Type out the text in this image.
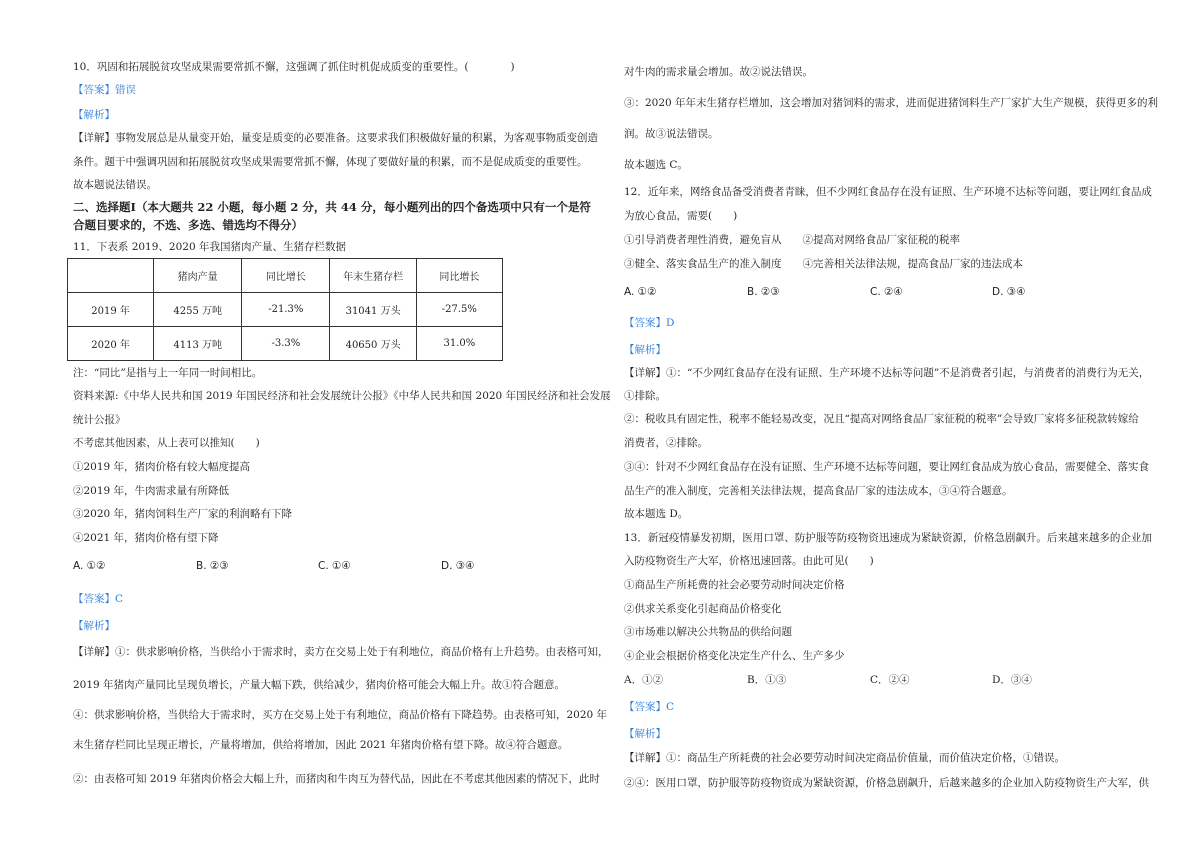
10．巩固和拓展脱贫攻坚成果需要常抓不懈，这强调了抓住时机促成质变的重要性。(　　　　)
【答案】错误
【解析】
【详解】事物发展总是从量变开始，量变是质变的必要准备。这要求我们积极做好量的积累，为客观事物质变创造
条件。题干中强调巩固和拓展脱贫攻坚成果需要常抓不懈，体现了要做好量的积累，而不是促成质变的重要性。
故本题说法错误。
二、选择题Ⅰ（本大题共 22 小题，每小题 2 分，共 44 分，每小题列出的四个备选项中只有一个是符
合题目要求的，不选、多选、错选均不得分）
11．下表系 2019、2020 年我国猪肉产量、生猪存栏数据
	猪肉产量	同比增长	年末生猪存栏	同比增长
2019 年	4255 万吨	-21.3%	31041 万头	-27.5%
2020 年	4113 万吨	-3.3%	40650 万头	31.0%
注：“同比”是指与上一年同一时间相比。
资料来源:《中华人民共和国 2019 年国民经济和社会发展统计公报》《中华人民共和国 2020 年国民经济和社会发展
统计公报》
不考虑其他因素，从上表可以推知(　　)
①2019 年，猪肉价格有较大幅度提高
②2019 年，牛肉需求量有所降低
③2020 年，猪肉饲料生产厂家的利润略有下降
④2021 年，猪肉价格有望下降
A. ①②	B. ②③	C. ①④	D. ③④
【答案】C
【解析】
【详解】①：供求影响价格，当供给小于需求时，卖方在交易上处于有利地位，商品价格有上升趋势。由表格可知，
2019 年猪肉产量同比呈现负增长，产量大幅下跌，供给减少，猪肉价格可能会大幅上升。故①符合题意。
④：供求影响价格，当供给大于需求时，买方在交易上处于有利地位，商品价格有下降趋势。由表格可知，2020 年
末生猪存栏同比呈现正增长，产量将增加，供给将增加，因此 2021 年猪肉价格有望下降。故④符合题意。
②：由表格可知 2019 年猪肉价格会大幅上升，而猪肉和牛肉互为替代品，因此在不考虑其他因素的情况下，此时
对牛肉的需求量会增加。故②说法错误。
③：2020 年年末生猪存栏增加，这会增加对猪饲料的需求，进而促进猪饲料生产厂家扩大生产规模，获得更多的利
润。故③说法错误。
故本题选 C。
12．近年来，网络食品备受消费者青睐，但不少网红食品存在没有证照、生产环境不达标等问题，要让网红食品成
为放心食品，需要(　　)
①引导消费者理性消费，避免盲从　　②提高对网络食品厂家征税的税率
③健全、落实食品生产的准入制度　　④完善相关法律法规，提高食品厂家的违法成本
A. ①②	B. ②③	C. ②④	D. ③④
【答案】D
【解析】
【详解】①：“不少网红食品存在没有证照、生产环境不达标等问题”不是消费者引起，与消费者的消费行为无关，
①排除。
②：税收具有固定性，税率不能轻易改变，况且“提高对网络食品厂家征税的税率”会导致厂家将多征税款转嫁给
消费者，②排除。
③④：针对不少网红食品存在没有证照、生产环境不达标等问题，要让网红食品成为放心食品，需要健全、落实食
品生产的准入制度，完善相关法律法规，提高食品厂家的违法成本，③④符合题意。
故本题选 D。
13．新冠疫情暴发初期，医用口罩、防护服等防疫物资迅速成为紧缺资源，价格急剧飙升。后来越来越多的企业加
入防疫物资生产大军，价格迅速回落。由此可见(　　)
①商品生产所耗费的社会必要劳动时间决定价格
②供求关系变化引起商品价格变化
③市场难以解决公共物品的供给问题
④企业会根据价格变化决定生产什么、生产多少
A．①②	B．①③	C．②④	D．③④
【答案】C
【解析】
【详解】①：商品生产所耗费的社会必要劳动时间决定商品价值量，而价值决定价格，①错误。
②④：医用口罩，防护服等防疫物资成为紧缺资源，价格急剧飙升，后越来越多的企业加入防疫物资生产大军，供
